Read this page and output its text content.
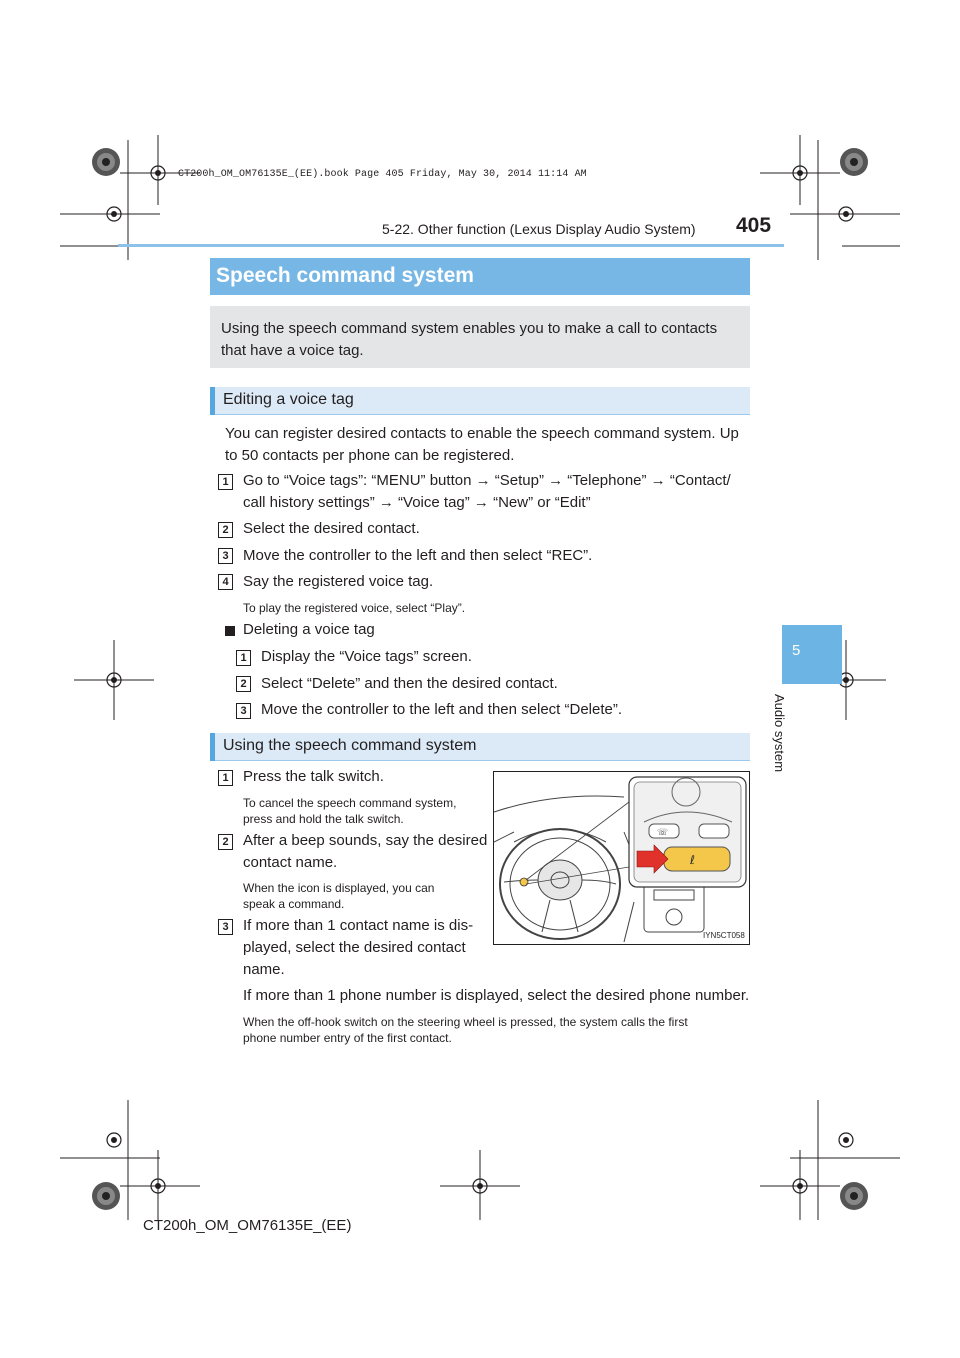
CT200h_OM_OM76135E_(EE).book Page 405 Friday, May 30, 2014 11:14 AM
5-22. Other function (Lexus Display Audio System) 405
5
Audio system
Speech command system
Using the speech command system enables you to make a call to contacts that have a voice tag.
Editing a voice tag
You can register desired contacts to enable the speech command system. Up to 50 contacts per phone can be registered.
1 Go to “Voice tags”: “MENU” button → “Setup” → “Telephone” → “Contact/
call history settings” → “Voice tag” → “New” or “Edit”
2 Select the desired contact.
3 Move the controller to the left and then select “REC”.
4 Say the registered voice tag.
To play the registered voice, select “Play”.
Deleting a voice tag
1 Display the “Voice tags” screen.
2 Select “Delete” and then the desired contact.
3 Move the controller to the left and then select “Delete”.
Using the speech command system
1 Press the talk switch.
To cancel the speech command system,
press and hold the talk switch.
2 After a beep sounds, say the desired
contact name.
When the icon is displayed, you can
speak a command.
3 If more than 1 contact name is dis-
played, select the desired contact
name.
If more than 1 phone number is displayed, select the desired phone number.
When the off-hook switch on the steering wheel is pressed, the system calls the first
phone number entry of the first contact.
☏
ℓ
IYN5CT058
CT200h_OM_OM76135E_(EE)
